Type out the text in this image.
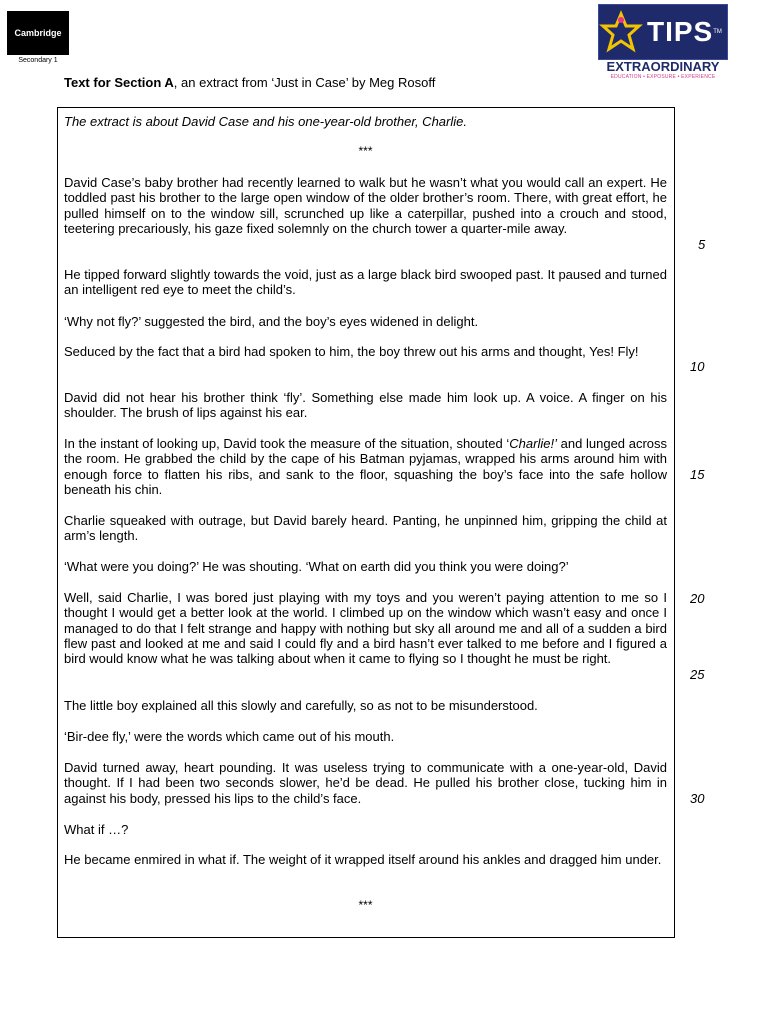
Cambridge
Secondary 1
TIPS TM
EXTRAORDINARY
EDUCATION • EXPOSURE • EXPERIENCE
Text for Section A, an extract from ‘Just in Case’ by Meg Rosoff

The extract is about David Case and his one-year-old brother, Charlie.

***

David Case’s baby brother had recently learned to walk but he wasn’t what you would call an expert. He toddled past his brother to the large open window of the older brother’s room. There, with great effort, he pulled himself on to the window sill, scrunched up like a caterpillar, pushed into a crouch and stood, teetering precariously, his gaze fixed solemnly on the church tower a quarter-mile away.

He tipped forward slightly towards the void, just as a large black bird swooped past. It paused and turned an intelligent red eye to meet the child’s.

‘Why not fly?’ suggested the bird, and the boy’s eyes widened in delight.

Seduced by the fact that a bird had spoken to him, the boy threw out his arms and thought, Yes! Fly!

David did not hear his brother think ‘fly’. Something else made him look up. A voice. A finger on his shoulder. The brush of lips against his ear.

In the instant of looking up, David took the measure of the situation, shouted ‘Charlie!’ and lunged across the room. He grabbed the child by the cape of his Batman pyjamas, wrapped his arms around him with enough force to flatten his ribs, and sank to the floor, squashing the boy’s face into the safe hollow beneath his chin.

Charlie squeaked with outrage, but David barely heard. Panting, he unpinned him, gripping the child at arm’s length.

‘What were you doing?’ He was shouting. ‘What on earth did you think you were doing?’

Well, said Charlie, I was bored just playing with my toys and you weren’t paying attention to me so I thought I would get a better look at the world. I climbed up on the window which wasn’t easy and once I managed to do that I felt strange and happy with nothing but sky all around me and all of a sudden a bird flew past and looked at me and said I could fly and a bird hasn’t ever talked to me before and I figured a bird would know what he was talking about when it came to flying so I thought he must be right.

The little boy explained all this slowly and carefully, so as not to be misunderstood.

‘Bir-dee fly,’ were the words which came out of his mouth.

David turned away, heart pounding. It was useless trying to communicate with a one-year-old, David thought. If I had been two seconds slower, he’d be dead. He pulled his brother close, tucking him in against his body, pressed his lips to the child’s face.

What if …?

He became enmired in what if. The weight of it wrapped itself around his ankles and dragged him under.

***

5

10

15

20

25

30
